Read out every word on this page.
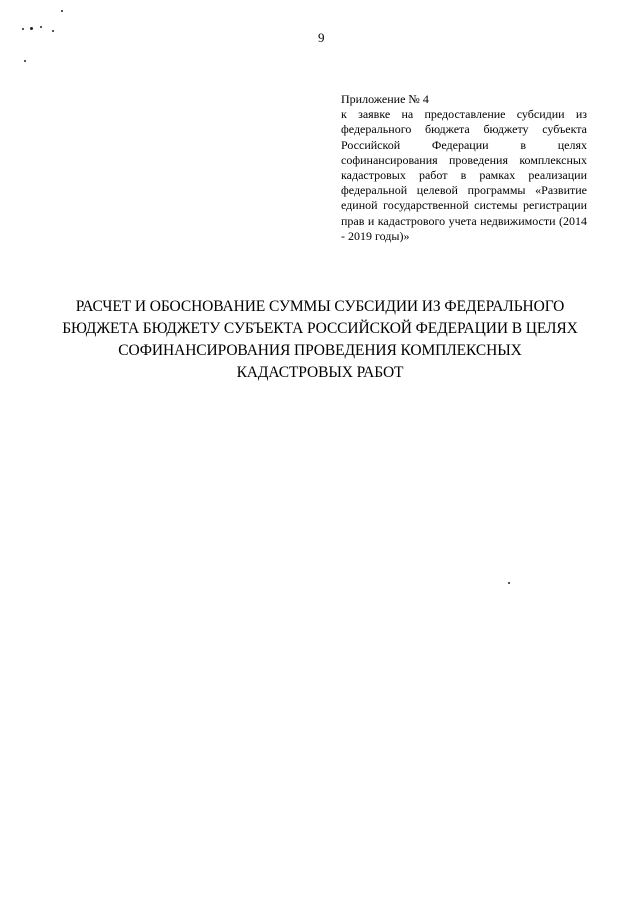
9
Приложение № 4
к заявке на предоставление субсидии из федерального бюджета бюджету субъекта Российской Федерации в целях софинансирования проведения комплексных кадастровых работ в рамках реализации федеральной целевой программы «Развитие единой государственной системы регистрации прав и кадастрового учета недвижимости (2014 - 2019 годы)»
РАСЧЕТ И ОБОСНОВАНИЕ СУММЫ СУБСИДИИ ИЗ ФЕДЕРАЛЬНОГО БЮДЖЕТА БЮДЖЕТУ СУБЪЕКТА РОССИЙСКОЙ ФЕДЕРАЦИИ В ЦЕЛЯХ СОФИНАНСИРОВАНИЯ ПРОВЕДЕНИЯ КОМПЛЕКСНЫХ КАДАСТРОВЫХ РАБОТ
